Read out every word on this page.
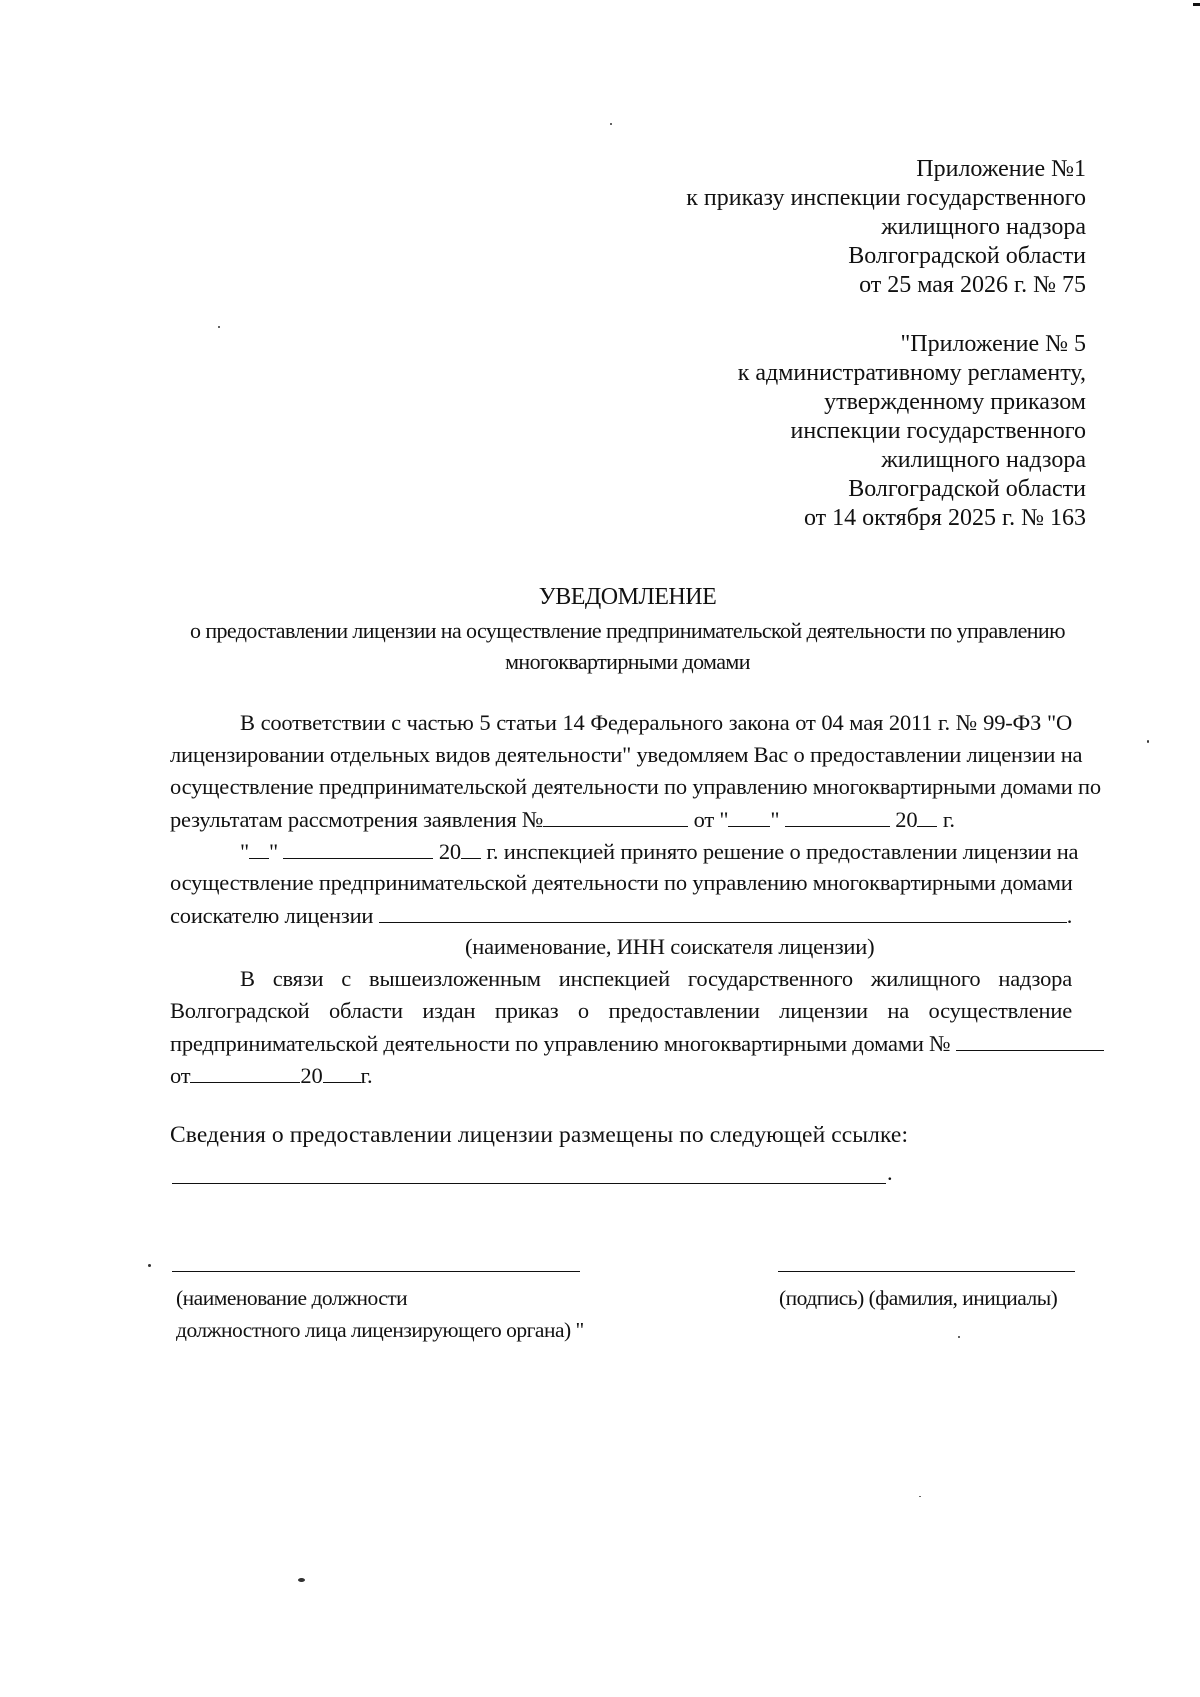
Приложение №1
к приказу инспекции государственного
жилищного надзора
Волгоградской области
от 25 мая 2026 г. № 75
"Приложение № 5
к административному регламенту,
утвержденному приказом
инспекции государственного
жилищного надзора
Волгоградской области
от 14 октября 2025 г. № 163
УВЕДОМЛЕНИЕ
о предоставлении лицензии на осуществление предпринимательской деятельности по управлению
многоквартирными домами
В соответствии с частью 5 статьи 14 Федерального закона от 04 мая 2011 г. № 99-ФЗ "О
лицензировании отдельных видов деятельности" уведомляем Вас о предоставлении лицензии на
осуществление предпринимательской деятельности по управлению многоквартирными домами по
результатам рассмотрения заявления №	от " "	20 г.
" "	20 г. инспекцией принято решение о предоставлении лицензии на
осуществление предпринимательской деятельности по управлению многоквартирными домами
соискателю лицензии	.
(наименование, ИНН соискателя лицензии)
В связи с вышеизложенным инспекцией государственного жилищного надзора
Волгоградской области издан приказ о предоставлении лицензии на осуществление
предпринимательской деятельности по управлению многоквартирными домами №
от	20 г.
Сведения о предоставлении лицензии размещены по следующей ссылке:
.
(наименование должности
должностного лица лицензирующего органа) "
(подпись) (фамилия, инициалы)
